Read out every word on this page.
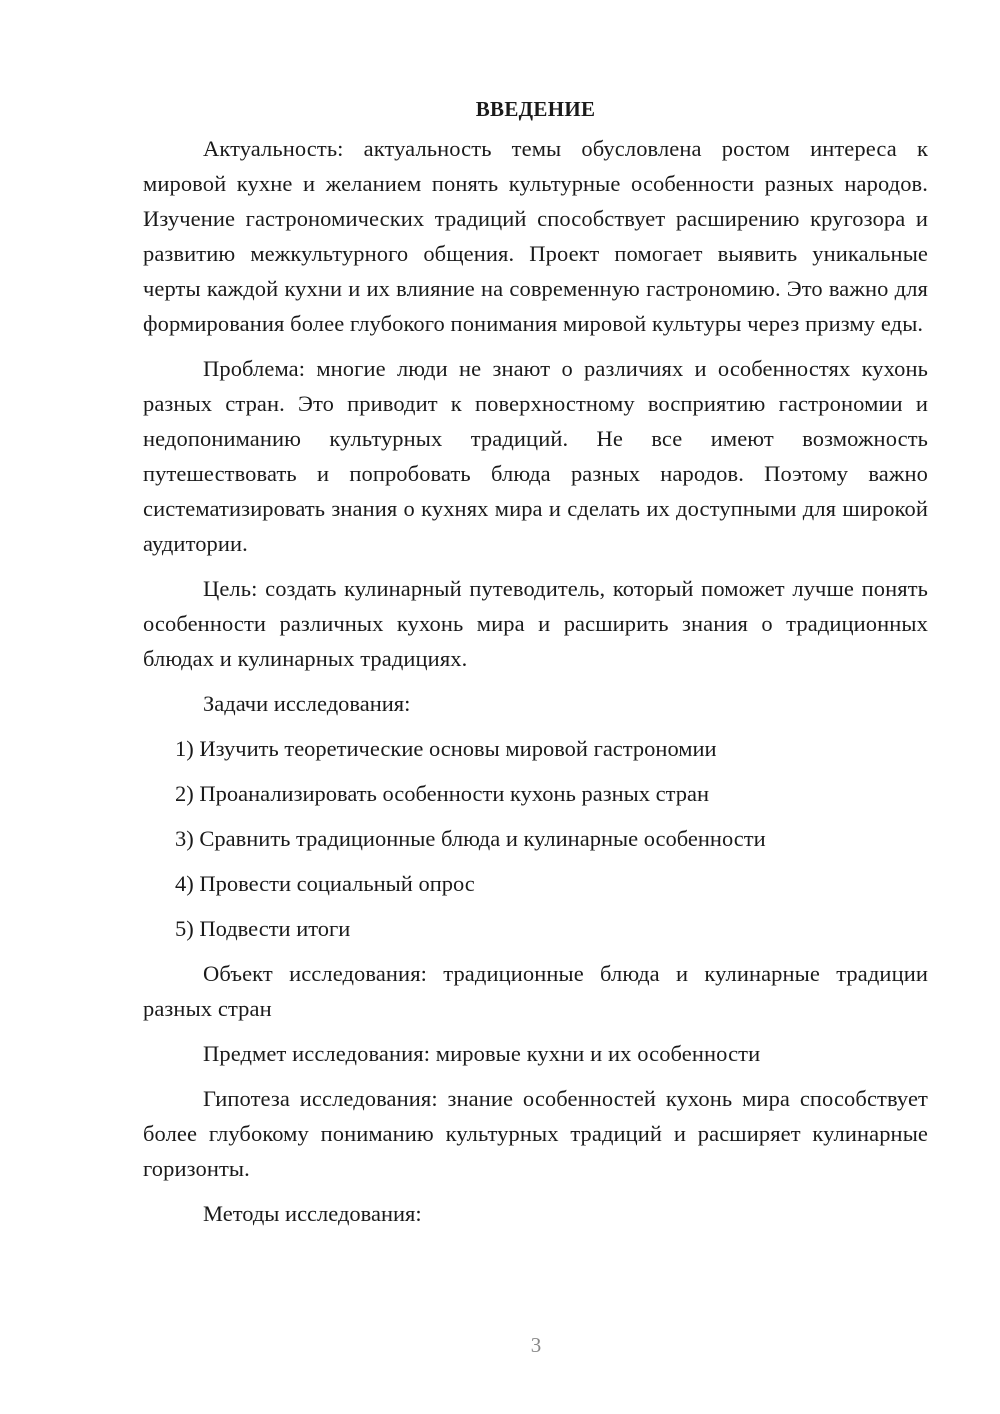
ВВЕДЕНИЕ

Актуальность: актуальность темы обусловлена ростом интереса к мировой кухне и желанием понять культурные особенности разных народов. Изучение гастрономических традиций способствует расширению кругозора и развитию межкультурного общения. Проект помогает выявить уникальные черты каждой кухни и их влияние на современную гастрономию. Это важно для формирования более глубокого понимания мировой культуры через призму еды.

Проблема: многие люди не знают о различиях и особенностях кухонь разных стран. Это приводит к поверхностному восприятию гастрономии и недопониманию культурных традиций. Не все имеют возможность путешествовать и попробовать блюда разных народов. Поэтому важно систематизировать знания о кухнях мира и сделать их доступными для широкой аудитории.

Цель: создать кулинарный путеводитель, который поможет лучше понять особенности различных кухонь мира и расширить знания о традиционных блюдах и кулинарных традициях.

Задачи исследования:

1) Изучить теоретические основы мировой гастрономии
2) Проанализировать особенности кухонь разных стран
3) Сравнить традиционные блюда и кулинарные особенности
4) Провести социальный опрос
5) Подвести итоги

Объект исследования: традиционные блюда и кулинарные традиции разных стран

Предмет исследования: мировые кухни и их особенности

Гипотеза исследования: знание особенностей кухонь мира способствует более глубокому пониманию культурных традиций и расширяет кулинарные горизонты.

Методы исследования:

3
